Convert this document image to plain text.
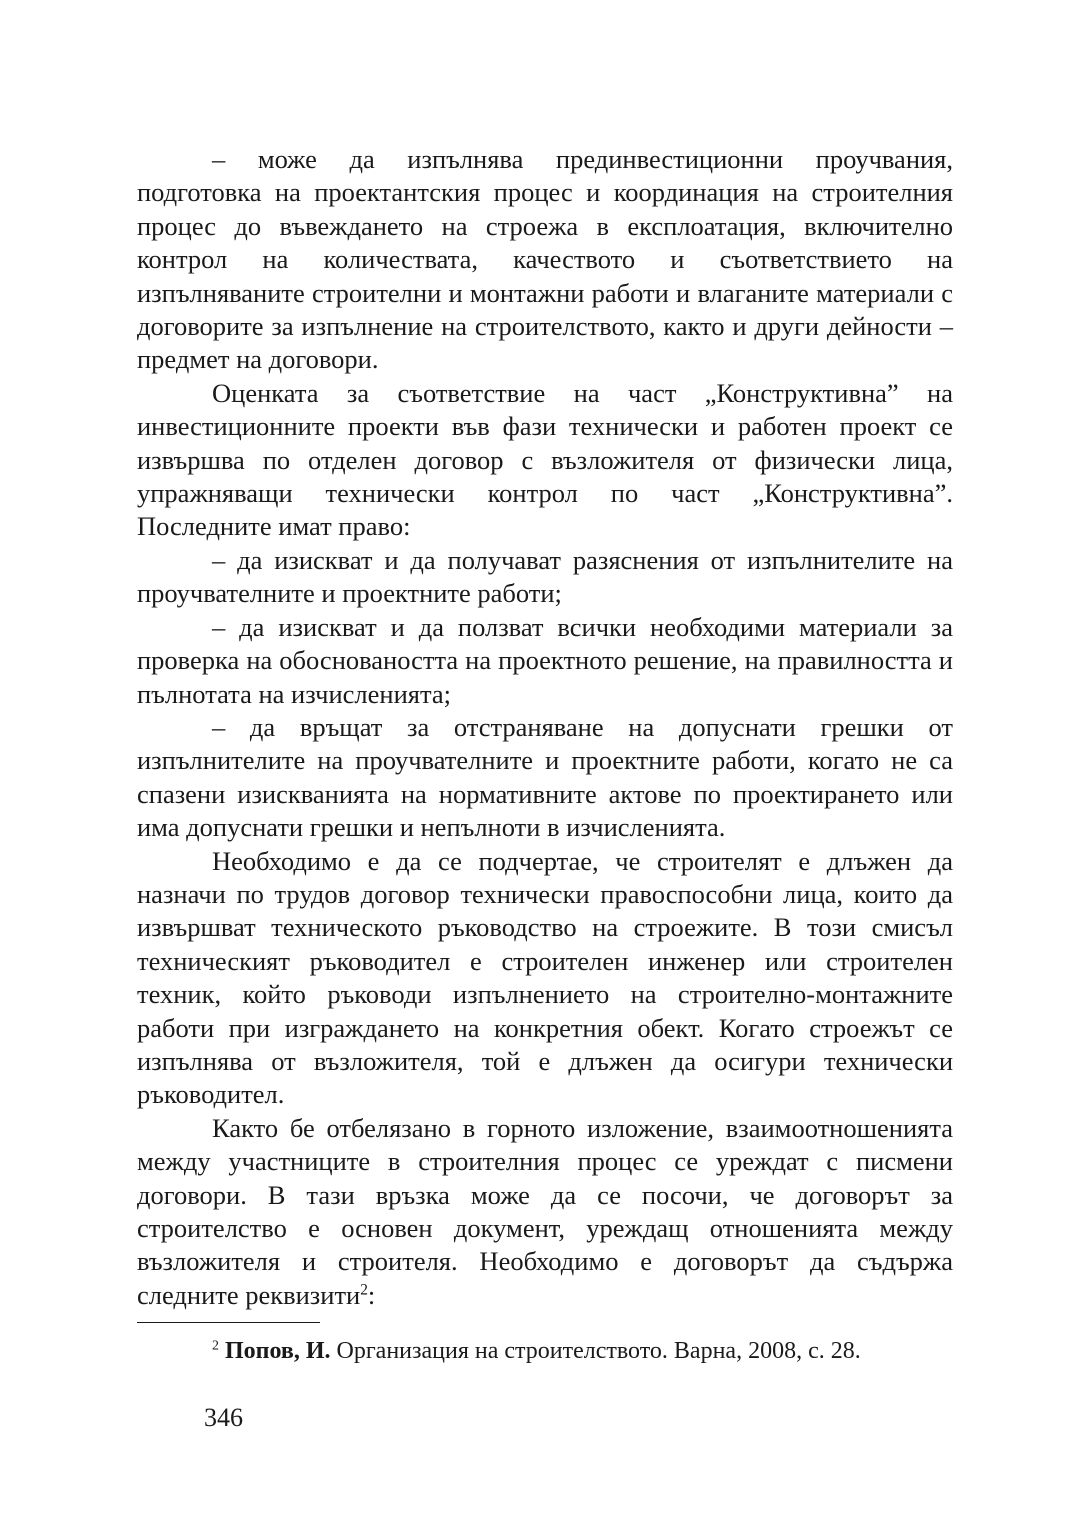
– може да изпълнява прединвестиционни проучвания, подготовка на проектантския процес и координация на строителния процес до въвеждането на строежа в експлоатация, включително контрол на количествата, качеството и съответствието на изпълняваните строителни и монтажни работи и влаганите материали с договорите за изпълнение на строителството, както и други дейности – предмет на договори.

Оценката за съответствие на част „Конструктивна” на инвестиционните проекти във фази технически и работен проект се извършва по отделен договор с възложителя от физически лица, упражняващи технически контрол по част „Конструктивна”. Последните имат право:

– да изискват и да получават разяснения от изпълнителите на проучвателните и проектните работи;

– да изискват и да ползват всички необходими материали за проверка на обосноваността на проектното решение, на правилността и пълнотата на изчисленията;

– да връщат за отстраняване на допуснати грешки от изпълнителите на проучвателните и проектните работи, когато не са спазени изискванията на нормативните актове по проектирането или има допуснати грешки и непълноти в изчисленията.

Необходимо е да се подчертае, че строителят е длъжен да назначи по трудов договор технически правоспособни лица, които да извършват техническото ръководство на строежите. В този смисъл техническият ръководител е строителен инженер или строителен техник, който ръководи изпълнението на строително-монтажните работи при изграждането на конкретния обект. Когато строежът се изпълнява от възложителя, той е длъжен да осигури технически ръководител.

Както бе отбелязано в горното изложение, взаимоотношенията между участниците в строителния процес се уреждат с писмени договори. В тази връзка може да се посочи, че договорът за строителство е основен документ, уреждащ отношенията между възложителя и строителя. Необходимо е договорът да съдържа следните реквизити$^2$:

$^2$ Попов, И. Организация на строителството. Варна, 2008, с. 28.
346
